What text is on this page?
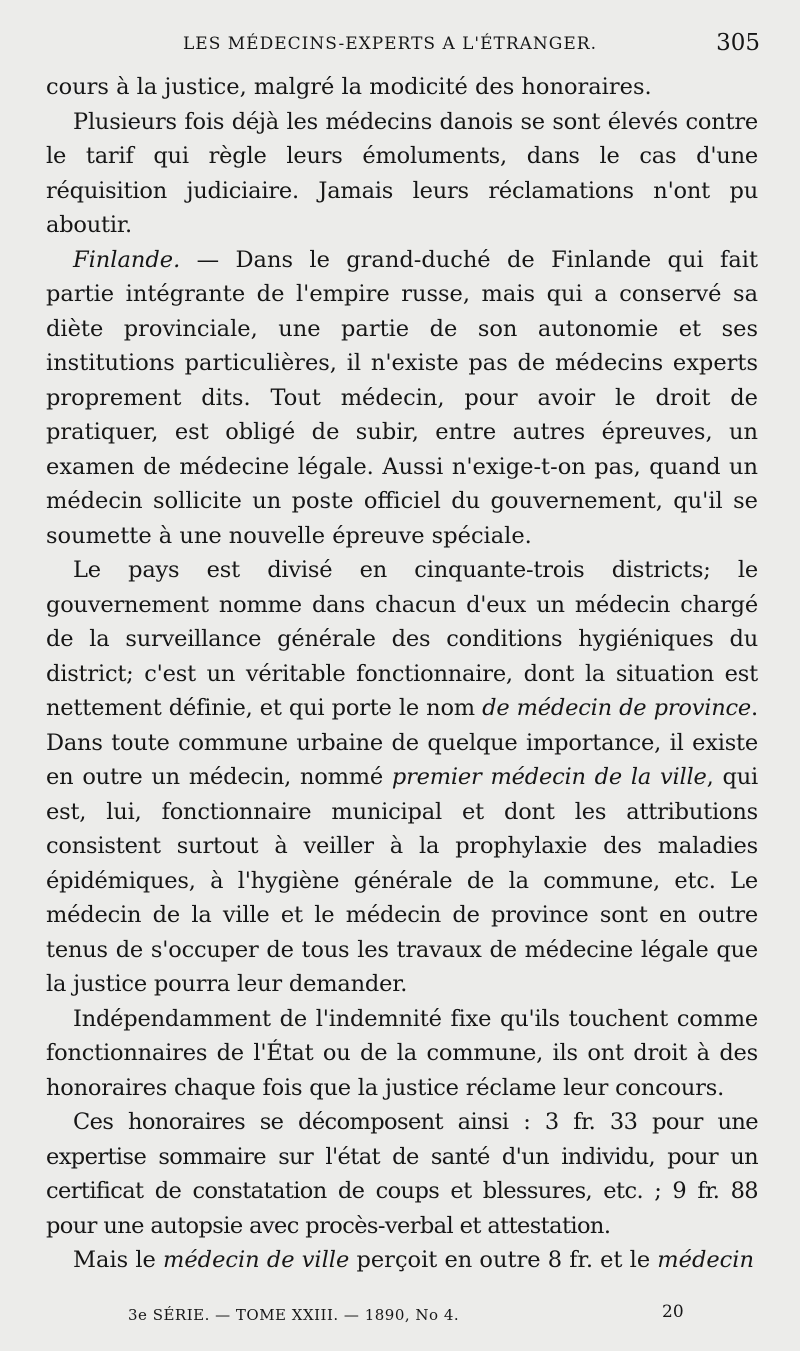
LES MÉDECINS-EXPERTS A L'ÉTRANGER.	305

cours à la justice, malgré la modicité des honoraires.

Plusieurs fois déjà les médecins danois se sont élevés contre le tarif qui règle leurs émoluments, dans le cas d'une réquisition judiciaire. Jamais leurs réclamations n'ont pu aboutir.

Finlande. — Dans le grand-duché de Finlande qui fait partie intégrante de l'empire russe, mais qui a conservé sa diète provinciale, une partie de son autonomie et ses institutions particulières, il n'existe pas de médecins experts proprement dits. Tout médecin, pour avoir le droit de pratiquer, est obligé de subir, entre autres épreuves, un examen de médecine légale. Aussi n'exige-t-on pas, quand un médecin sollicite un poste officiel du gouvernement, qu'il se soumette à une nouvelle épreuve spéciale.

Le pays est divisé en cinquante-trois districts; le gouvernement nomme dans chacun d'eux un médecin chargé de la surveillance générale des conditions hygiéniques du district; c'est un véritable fonctionnaire, dont la situation est nettement définie, et qui porte le nom de médecin de province. Dans toute commune urbaine de quelque importance, il existe en outre un médecin, nommé premier médecin de la ville, qui est, lui, fonctionnaire municipal et dont les attributions consistent surtout à veiller à la prophylaxie des maladies épidémiques, à l'hygiène générale de la commune, etc. Le médecin de la ville et le médecin de province sont en outre tenus de s'occuper de tous les travaux de médecine légale que la justice pourra leur demander.

Indépendamment de l'indemnité fixe qu'ils touchent comme fonctionnaires de l'État ou de la commune, ils ont droit à des honoraires chaque fois que la justice réclame leur concours.

Ces honoraires se décomposent ainsi : 3 fr. 33 pour une expertise sommaire sur l'état de santé d'un individu, pour un certificat de constatation de coups et blessures, etc. ; 9 fr. 88 pour une autopsie avec procès-verbal et attestation.

Mais le médecin de ville perçoit en outre 8 fr. et le médecin

3e SÉRIE. — TOME XXIII. — 1890, No 4.	20
